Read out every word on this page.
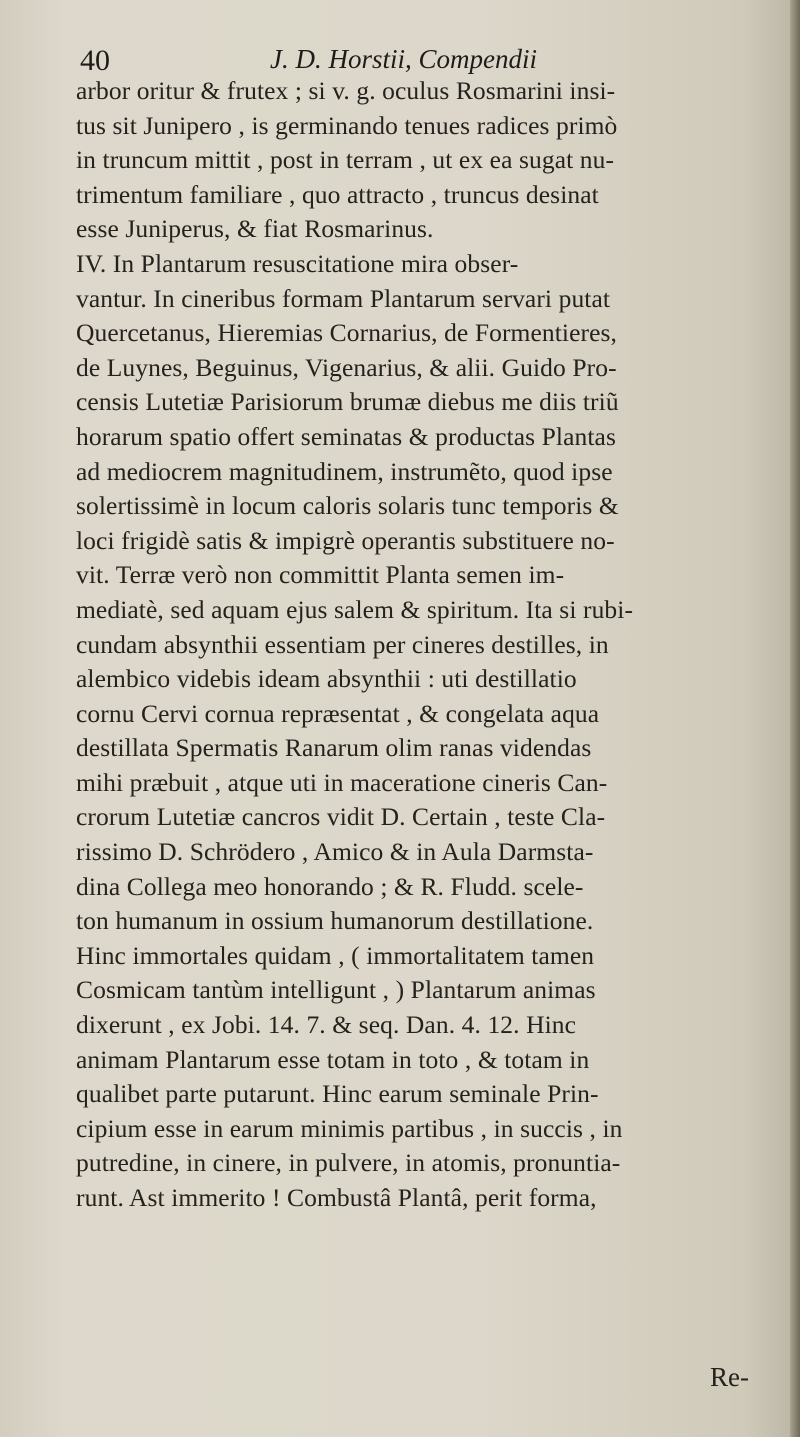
40	J. D. Horstii, Compendii
arbor oritur & frutex ; si v. g. oculus Rosmarini insi-
tus sit Junipero , is germinando tenues radices primò
in truncum mittit , post in terram , ut ex ea sugat nu-
trimentum familiare , quo attracto , truncus desinat
esse Juniperus, & fiat Rosmarinus.
IV. In Plantarum resuscitatione mira obser-
vantur. In cineribus formam Plantarum servari putat
Quercetanus, Hieremias Cornarius, de Formentieres,
de Luynes, Beguinus, Vigenarius, & alii. Guido Pro-
censis Lutetiæ Parisiorum brumæ diebus me diis triũ
horarum spatio offert seminatas & productas Plantas
ad mediocrem magnitudinem, instrumẽto, quod ipse
solertissimè in locum caloris solaris tunc temporis &
loci frigidè satis & impigrè operantis substituere no-
vit. Terræ verò non committit Planta semen im-
mediatè, sed aquam ejus salem & spiritum. Ita si rubi-
cundam absynthii essentiam per cineres destilles, in
alembico videbis ideam absynthii : uti destillatio
cornu Cervi cornua repræsentat , & congelata aqua
destillata Spermatis Ranarum olim ranas videndas
mihi præbuit , atque uti in maceratione cineris Can-
crorum Lutetiæ cancros vidit D. Certain , teste Cla-
rissimo D. Schrödero , Amico & in Aula Darmsta-
dina Collega meo honorando ; & R. Fludd. scele-
ton humanum in ossium humanorum destillatione.
Hinc immortales quidam , ( immortalitatem tamen
Cosmicam tantùm intelligunt , ) Plantarum animas
dixerunt , ex Jobi. 14. 7. & seq. Dan. 4. 12. Hinc
animam Plantarum esse totam in toto , & totam in
qualibet parte putarunt. Hinc earum seminale Prin-
cipium esse in earum minimis partibus , in succis , in
putredine, in cinere, in pulvere, in atomis, pronuntia-
runt. Ast immerito ! Combustâ Plantâ, perit forma,
Re-
